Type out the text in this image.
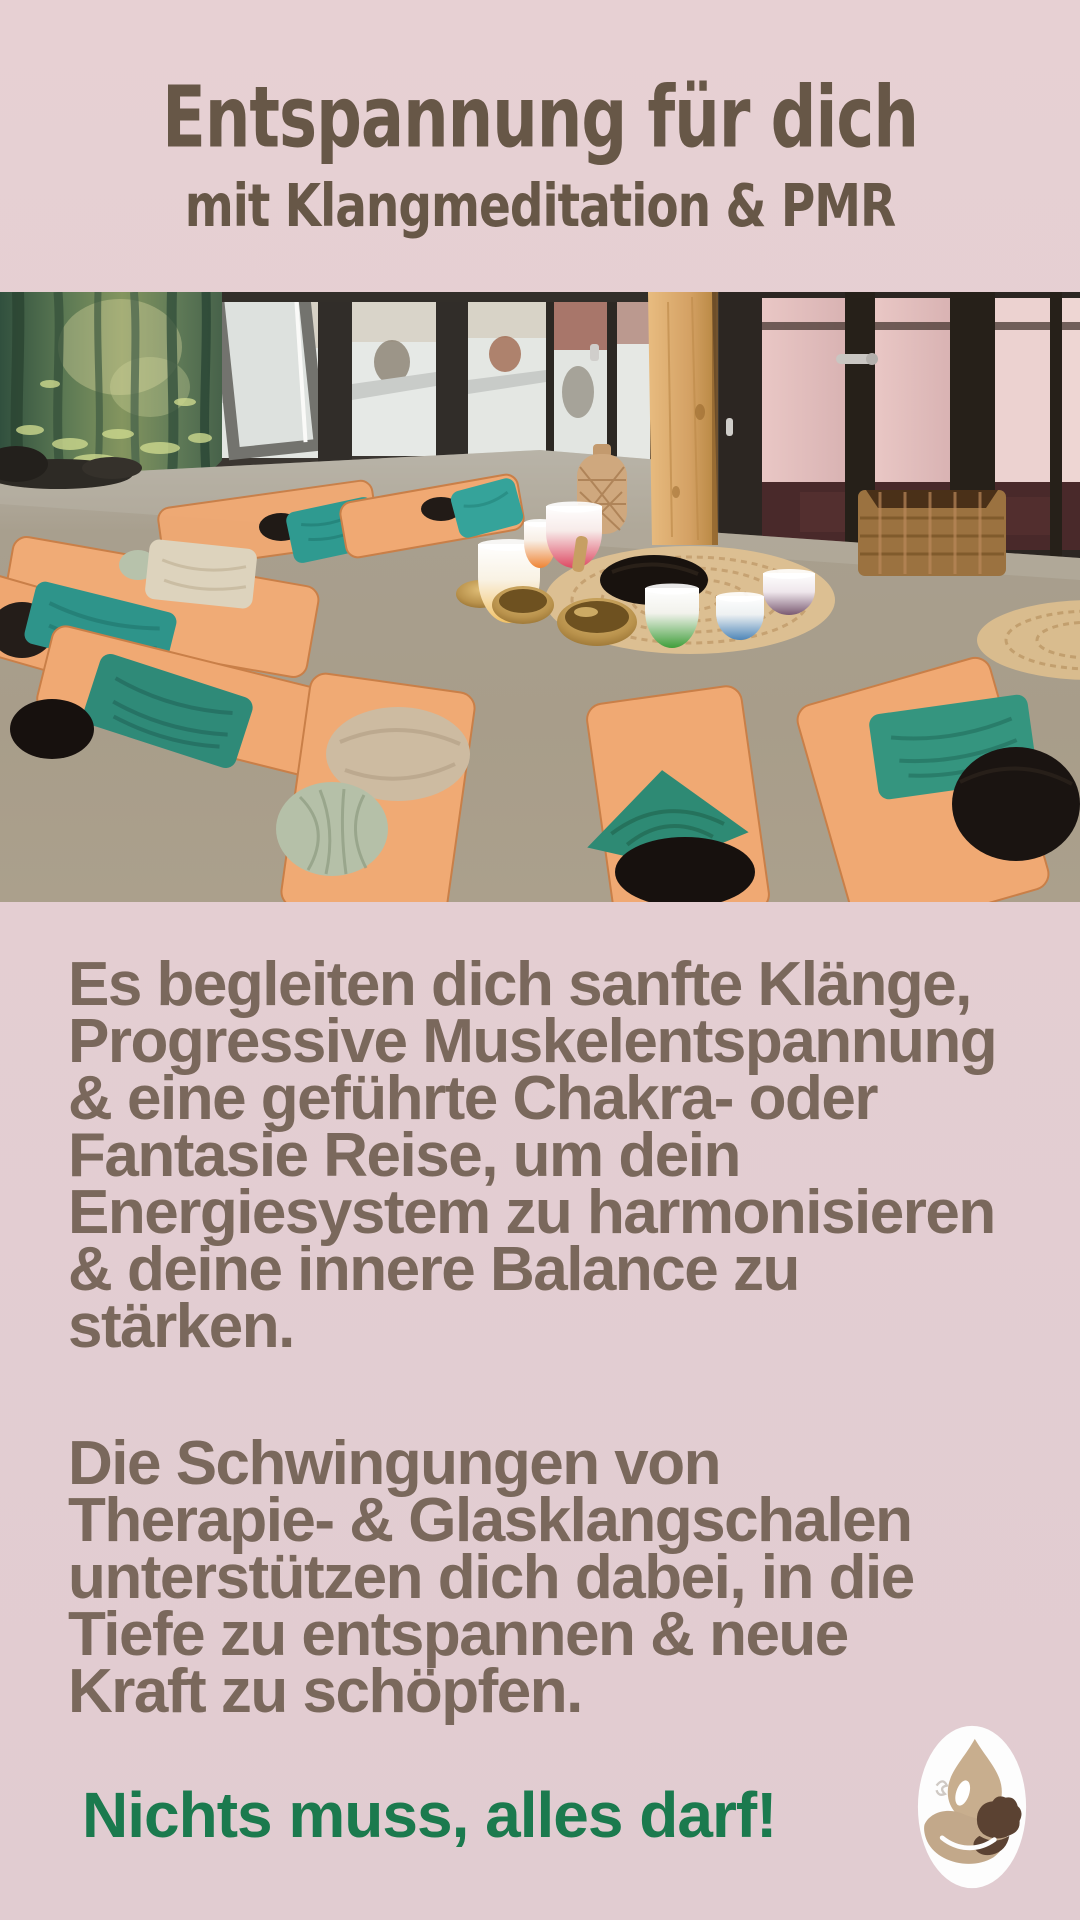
Entspannung für dich
mit Klangmeditation & PMR
Es begleiten dich sanfte Klänge,
Progressive Muskelentspannung
& eine geführte Chakra- oder
Fantasie Reise, um dein
Energiesystem zu harmonisieren
& deine innere Balance zu
stärken.
Die Schwingungen von
Therapie- & Glasklangschalen
unterstützen dich dabei, in die
Tiefe zu entspannen & neue
Kraft zu schöpfen.
Nichts muss, alles darf!
